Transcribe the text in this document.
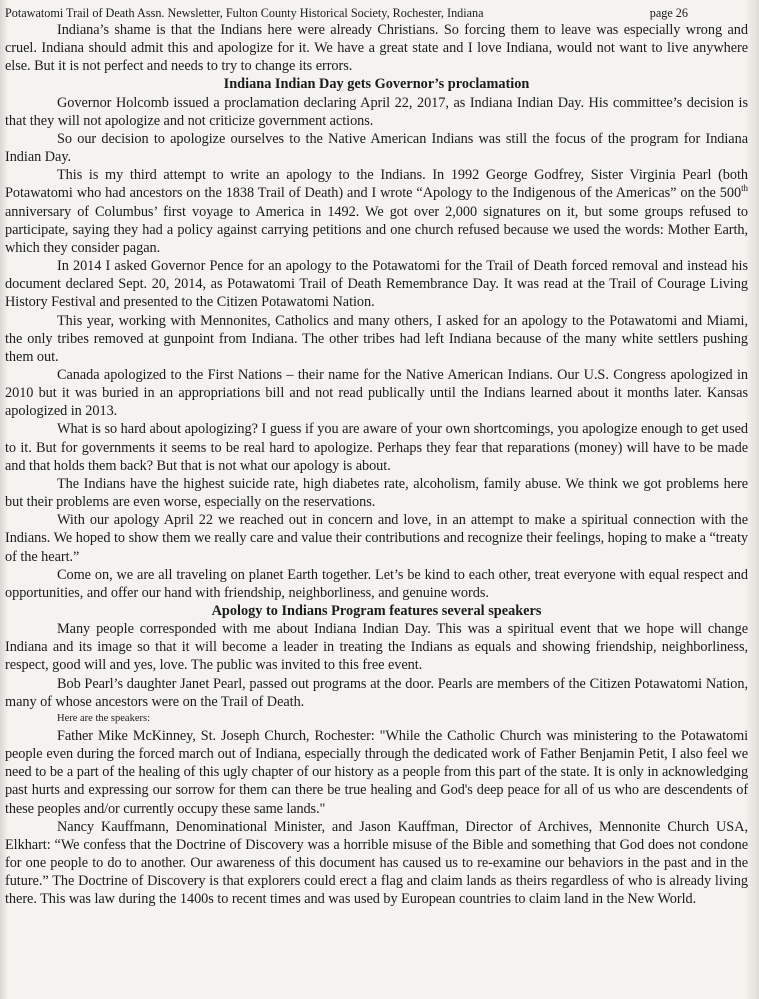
Potawatomi Trail of Death Assn. Newsletter, Fulton County Historical Society, Rochester, Indiana	page 26

Indiana’s shame is that the Indians here were already Christians. So forcing them to leave was especially wrong and cruel. Indiana should admit this and apologize for it. We have a great state and I love Indiana, would not want to live anywhere else. But it is not perfect and needs to try to change its errors.

Indiana Indian Day gets Governor’s proclamation

Governor Holcomb issued a proclamation declaring April 22, 2017, as Indiana Indian Day. His committee’s decision is that they will not apologize and not criticize government actions.

So our decision to apologize ourselves to the Native American Indians was still the focus of the program for Indiana Indian Day.

This is my third attempt to write an apology to the Indians. In 1992 George Godfrey, Sister Virginia Pearl (both Potawatomi who had ancestors on the 1838 Trail of Death) and I wrote “Apology to the Indigenous of the Americas” on the 500th anniversary of Columbus’ first voyage to America in 1492. We got over 2,000 signatures on it, but some groups refused to participate, saying they had a policy against carrying petitions and one church refused because we used the words: Mother Earth, which they consider pagan.

In 2014 I asked Governor Pence for an apology to the Potawatomi for the Trail of Death forced removal and instead his document declared Sept. 20, 2014, as Potawatomi Trail of Death Remembrance Day. It was read at the Trail of Courage Living History Festival and presented to the Citizen Potawatomi Nation.

This year, working with Mennonites, Catholics and many others, I asked for an apology to the Potawatomi and Miami, the only tribes removed at gunpoint from Indiana. The other tribes had left Indiana because of the many white settlers pushing them out.

Canada apologized to the First Nations – their name for the Native American Indians. Our U.S. Congress apologized in 2010 but it was buried in an appropriations bill and not read publically until the Indians learned about it months later. Kansas apologized in 2013.

What is so hard about apologizing? I guess if you are aware of your own shortcomings, you apologize enough to get used to it. But for governments it seems to be real hard to apologize. Perhaps they fear that reparations (money) will have to be made and that holds them back? But that is not what our apology is about.

The Indians have the highest suicide rate, high diabetes rate, alcoholism, family abuse. We think we got problems here but their problems are even worse, especially on the reservations.

With our apology April 22 we reached out in concern and love, in an attempt to make a spiritual connection with the Indians. We hoped to show them we really care and value their contributions and recognize their feelings, hoping to make a “treaty of the heart.”

Come on, we are all traveling on planet Earth together. Let’s be kind to each other, treat everyone with equal respect and opportunities, and offer our hand with friendship, neighborliness, and genuine words.

Apology to Indians Program features several speakers

Many people corresponded with me about Indiana Indian Day. This was a spiritual event that we hope will change Indiana and its image so that it will become a leader in treating the Indians as equals and showing friendship, neighborliness, respect, good will and yes, love. The public was invited to this free event.

Bob Pearl’s daughter Janet Pearl, passed out programs at the door. Pearls are members of the Citizen Potawatomi Nation, many of whose ancestors were on the Trail of Death.

Here are the speakers:

Father Mike McKinney, St. Joseph Church, Rochester: "While the Catholic Church was ministering to the Potawatomi people even during the forced march out of Indiana, especially through the dedicated work of Father Benjamin Petit, I also feel we need to be a part of the healing of this ugly chapter of our history as a people from this part of the state. It is only in acknowledging past hurts and expressing our sorrow for them can there be true healing and God's deep peace for all of us who are descendents of these peoples and/or currently occupy these same lands."

Nancy Kauffmann, Denominational Minister, and Jason Kauffman, Director of Archives, Mennonite Church USA, Elkhart: “We confess that the Doctrine of Discovery was a horrible misuse of the Bible and something that God does not condone for one people to do to another. Our awareness of this document has caused us to re-examine our behaviors in the past and in the future.” The Doctrine of Discovery is that explorers could erect a flag and claim lands as theirs regardless of who is already living there. This was law during the 1400s to recent times and was used by European countries to claim land in the New World.
